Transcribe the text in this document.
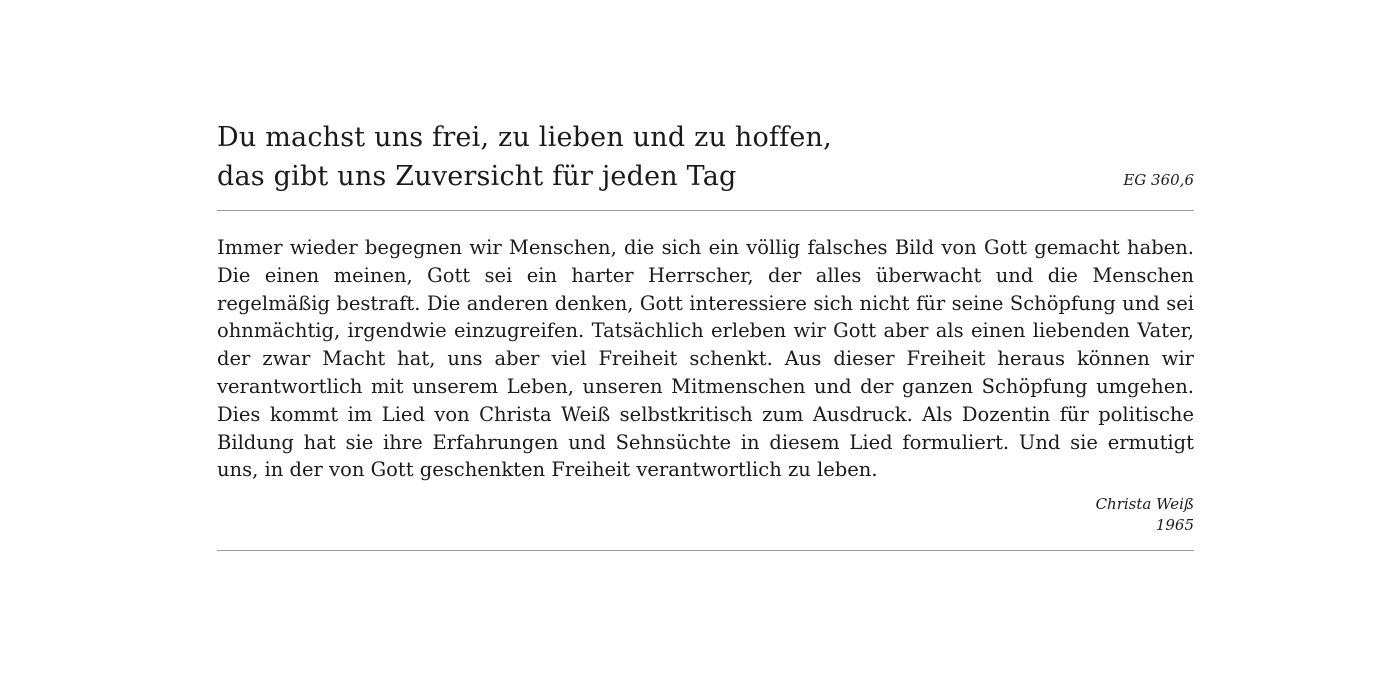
Du machst uns frei, zu lieben und zu hoffen,
das gibt uns Zuversicht für jeden Tag	EG 360,6

Immer wieder begegnen wir Menschen, die sich ein völlig falsches Bild von Gott gemacht haben. Die einen meinen, Gott sei ein harter Herrscher, der alles überwacht und die Menschen regelmäßig bestraft. Die anderen denken, Gott interessiere sich nicht für seine Schöpfung und sei ohnmächtig, irgendwie einzugreifen. Tatsächlich erleben wir Gott aber als einen liebenden Vater, der zwar Macht hat, uns aber viel Freiheit schenkt. Aus dieser Freiheit heraus können wir verantwortlich mit unserem Leben, unseren Mitmenschen und der ganzen Schöpfung umgehen. Dies kommt im Lied von Christa Weiß selbstkritisch zum Ausdruck. Als Dozentin für politische Bildung hat sie ihre Erfahrungen und Sehnsüchte in diesem Lied formuliert. Und sie ermutigt uns, in der von Gott geschenkten Freiheit verantwortlich zu leben.

Christa Weiß
1965
